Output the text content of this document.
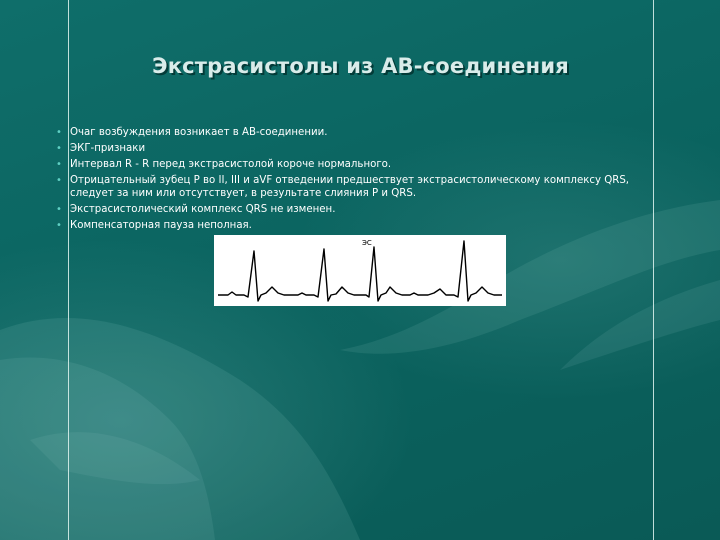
Экстрасистолы из АВ-соединения
• Очаг возбуждения возникает в АВ-соединении.
• ЭКГ-признаки
• Интервал R - R перед экстрасистолой короче нормального.
• Отрицательный зубец Р во II, III и aVF отведении предшествует экстрасистолическому комплексу QRS, следует за ним или отсутствует, в результате слияния Р и QRS.
• Экстрасистолический комплекс QRS не изменен.
• Компенсаторная пауза неполная.
ЭС
